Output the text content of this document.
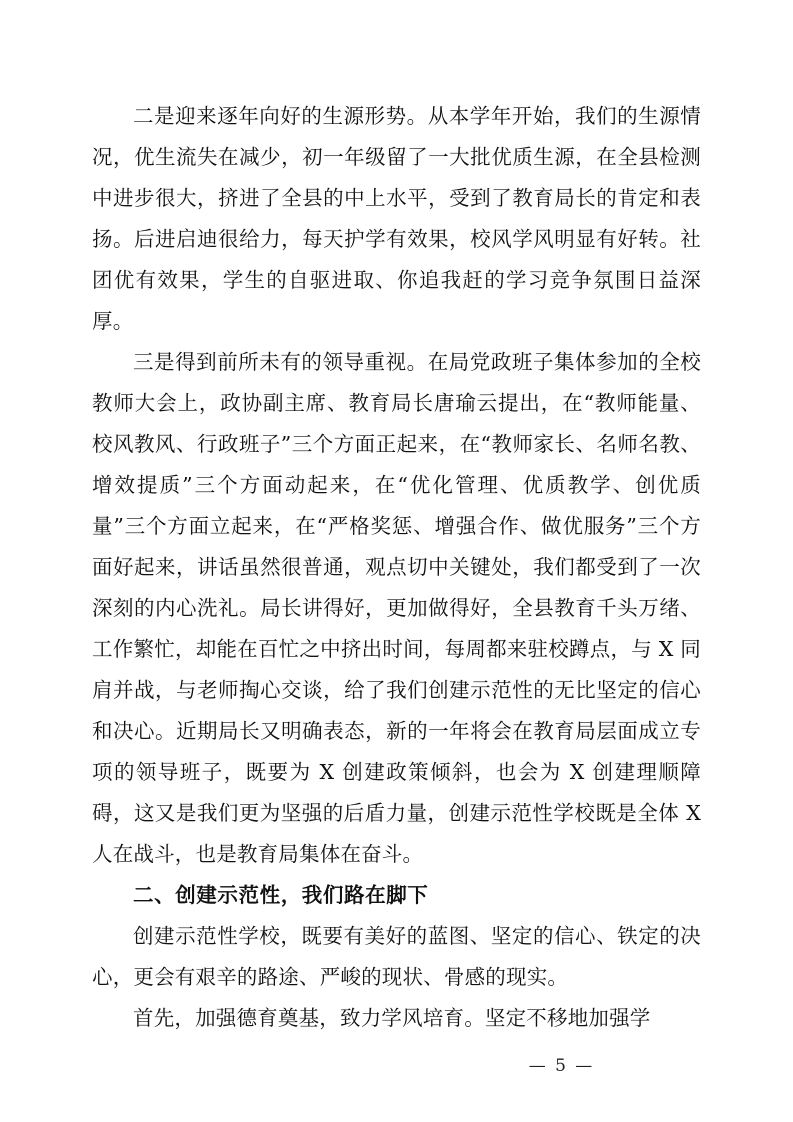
二是迎来逐年向好的生源形势。从本学年开始，我们的生源情况，优生流失在减少，初一年级留了一大批优质生源，在全县检测中进步很大，挤进了全县的中上水平，受到了教育局长的肯定和表扬。后进启迪很给力，每天护学有效果，校风学风明显有好转。社团优有效果，学生的自驱进取、你追我赶的学习竞争氛围日益深厚。

三是得到前所未有的领导重视。在局党政班子集体参加的全校教师大会上，政协副主席、教育局长唐瑜云提出，在“教师能量、校风教风、行政班子”三个方面正起来，在“教师家长、名师名教、增效提质”三个方面动起来，在“优化管理、优质教学、创优质量”三个方面立起来，在“严格奖惩、增强合作、做优服务”三个方面好起来，讲话虽然很普通，观点切中关键处，我们都受到了一次深刻的内心洗礼。局长讲得好，更加做得好，全县教育千头万绪、工作繁忙，却能在百忙之中挤出时间，每周都来驻校蹲点，与 X 同肩并战，与老师掏心交谈，给了我们创建示范性的无比坚定的信心和决心。近期局长又明确表态，新的一年将会在教育局层面成立专项的领导班子，既要为 X 创建政策倾斜，也会为 X 创建理顺障碍，这又是我们更为坚强的后盾力量，创建示范性学校既是全体 X 人在战斗，也是教育局集体在奋斗。

二、创建示范性，我们路在脚下

创建示范性学校，既要有美好的蓝图、坚定的信心、铁定的决心，更会有艰辛的路途、严峻的现状、骨感的现实。

首先，加强德育奠基，致力学风培育。坚定不移地加强学

— 5 —
